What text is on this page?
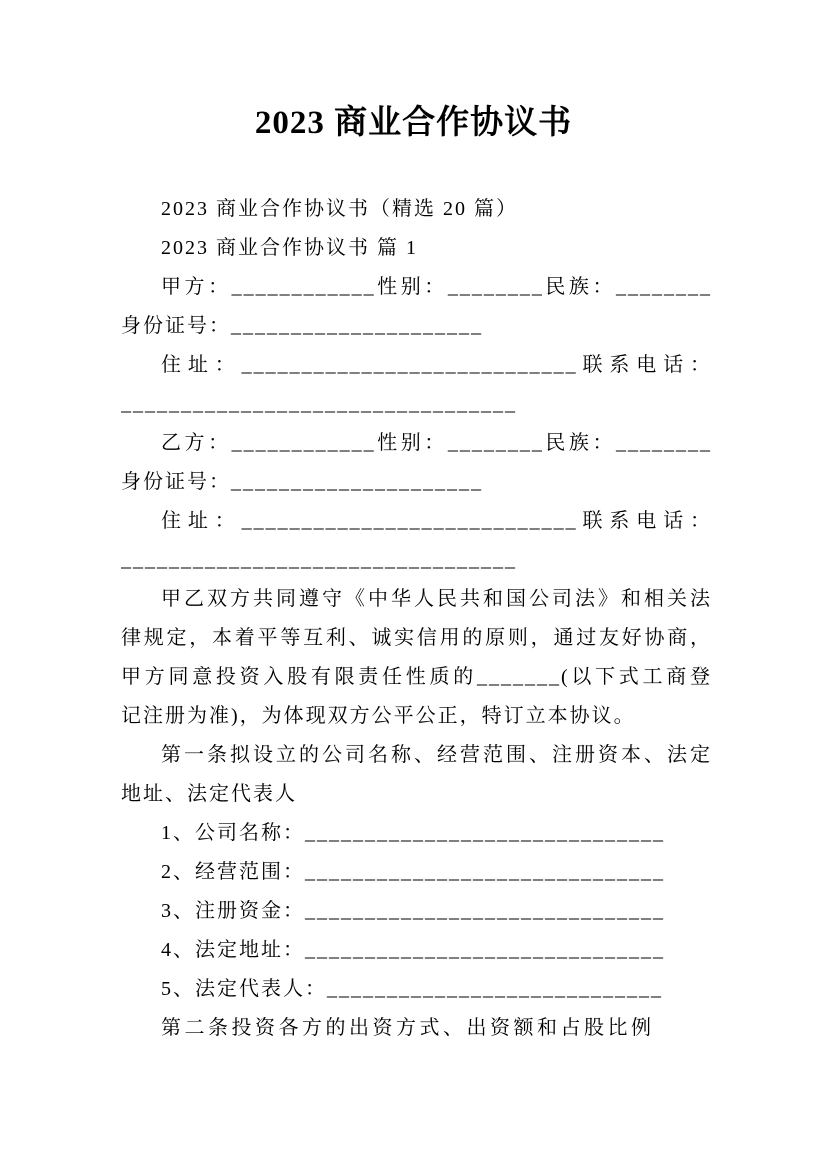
2023 商业合作协议书
2023 商业合作协议书（精选 20 篇）
2023 商业合作协议书 篇 1
甲方：____________性别：________民族：________
身份证号：_____________________
住址：____________________________联系电话：
_________________________________
乙方：____________性别：________民族：________
身份证号：_____________________
住址：____________________________联系电话：
_________________________________
甲乙双方共同遵守《中华人民共和国公司法》和相关法
律规定，本着平等互利、诚实信用的原则，通过友好协商，
甲方同意投资入股有限责任性质的_______(以下式工商登
记注册为准)，为体现双方公平公正，特订立本协议。
第一条拟设立的公司名称、经营范围、注册资本、法定
地址、法定代表人
1、公司名称：______________________________
2、经营范围：______________________________
3、注册资金：______________________________
4、法定地址：______________________________
5、法定代表人：____________________________
第二条投资各方的出资方式、出资额和占股比例
